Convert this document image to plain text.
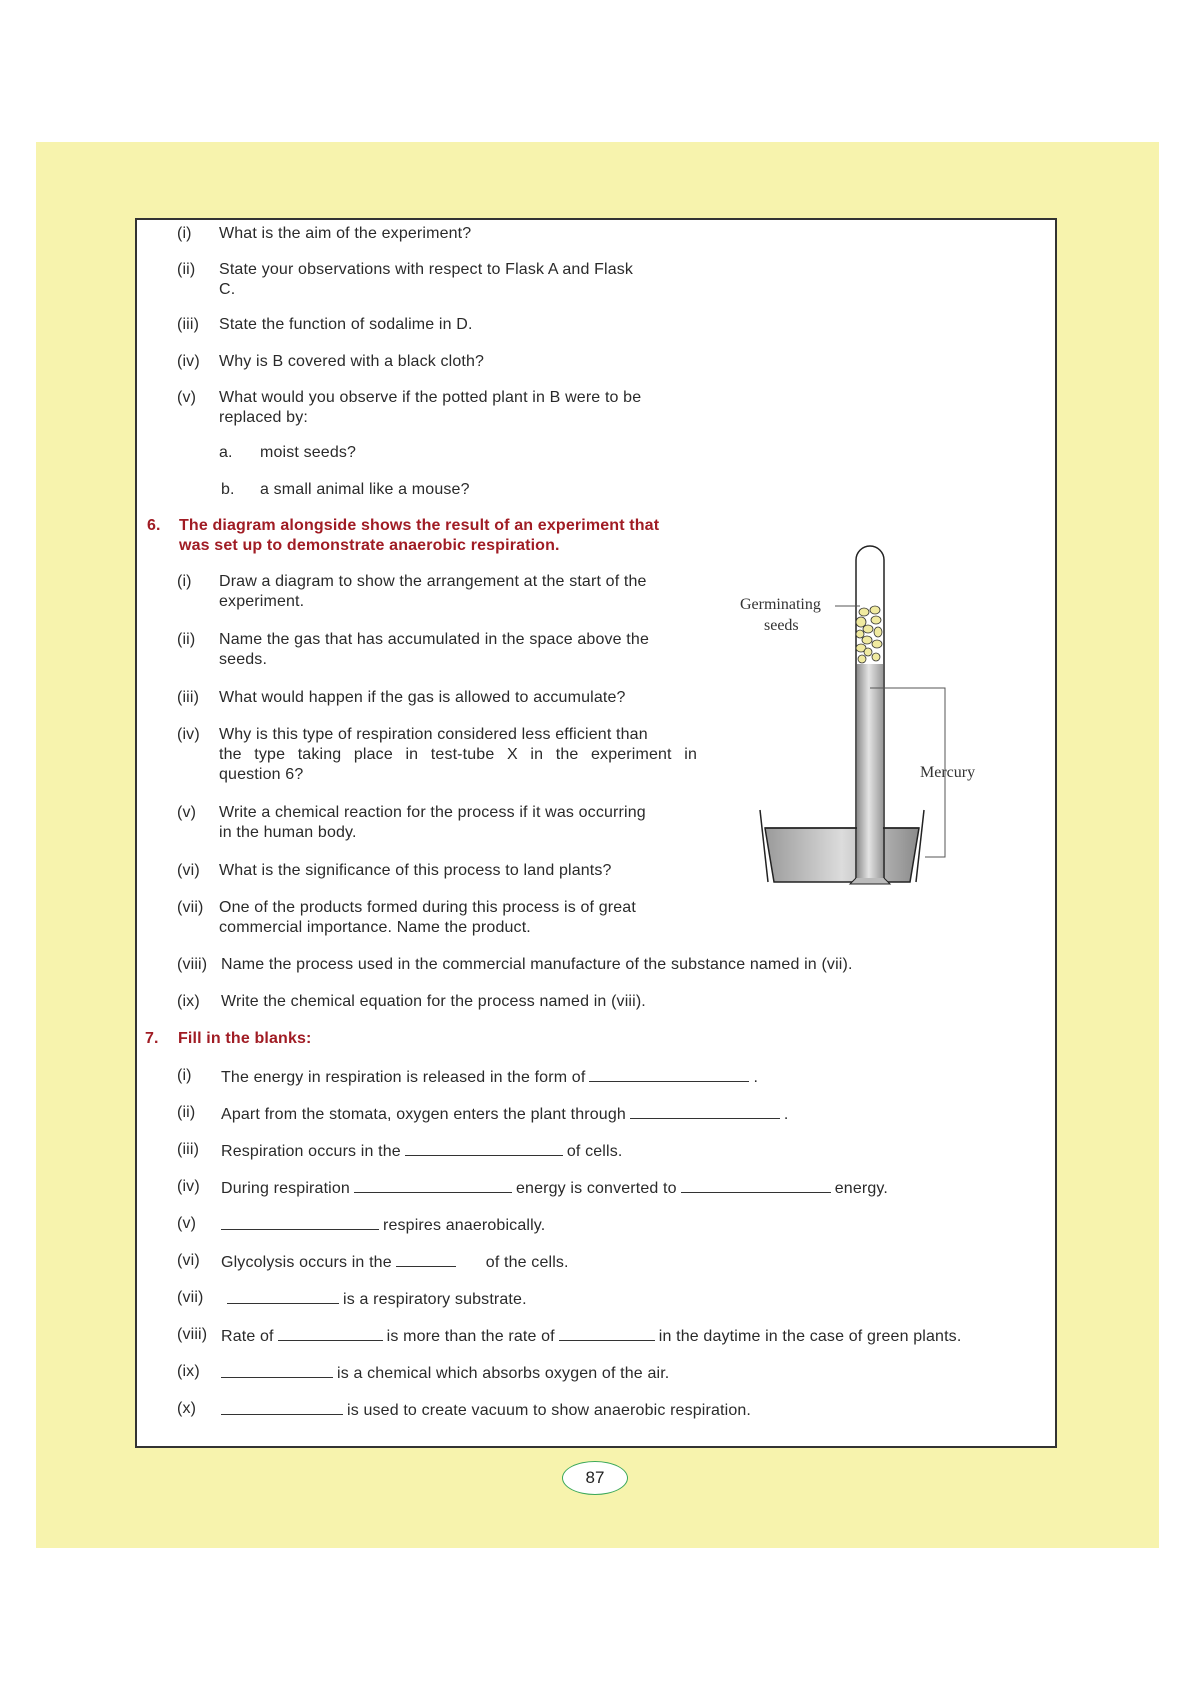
(i) What is the aim of the experiment?
(ii) State your observations with respect to Flask A and Flask
C.
(iii) State the function of sodalime in D.
(iv) Why is B covered with a black cloth?
(v) What would you observe if the potted plant in B were to be
replaced by:
a. moist seeds?
b. a small animal like a mouse?
6. The diagram alongside shows the result of an experiment that
was set up to demonstrate anaerobic respiration.
(i) Draw a diagram to show the arrangement at the start of the
experiment.
(ii) Name the gas that has accumulated in the space above the
seeds.
(iii) What would happen if the gas is allowed to accumulate?
(iv) Why is this type of respiration considered less efficient than
the type taking place in test-tube X in the experiment in
question 6?
(v) Write a chemical reaction for the process if it was occurring
in the human body.
(vi) What is the significance of this process to land plants?
(vii) One of the products formed during this process is of great
commercial importance. Name the product.
(viii) Name the process used in the commercial manufacture of the substance named in (vii).
(ix) Write the chemical equation for the process named in (viii).
7. Fill in the blanks:
(i) The energy in respiration is released in the form of	.
(ii) Apart from the stomata, oxygen enters the plant through	.
(iii) Respiration occurs in the	of cells.
(iv) During respiration	energy is converted to	energy.
(v)	respires anaerobically.
(vi) Glycolysis occurs in the	of the cells.
(vii)	is a respiratory substrate.
(viii) Rate of	is more than the rate of	in the daytime in the case of green plants.
(ix)	is a chemical which absorbs oxygen of the air.
(x)	is used to create vacuum to show anaerobic respiration.
Germinating
seeds
Mercury
87
